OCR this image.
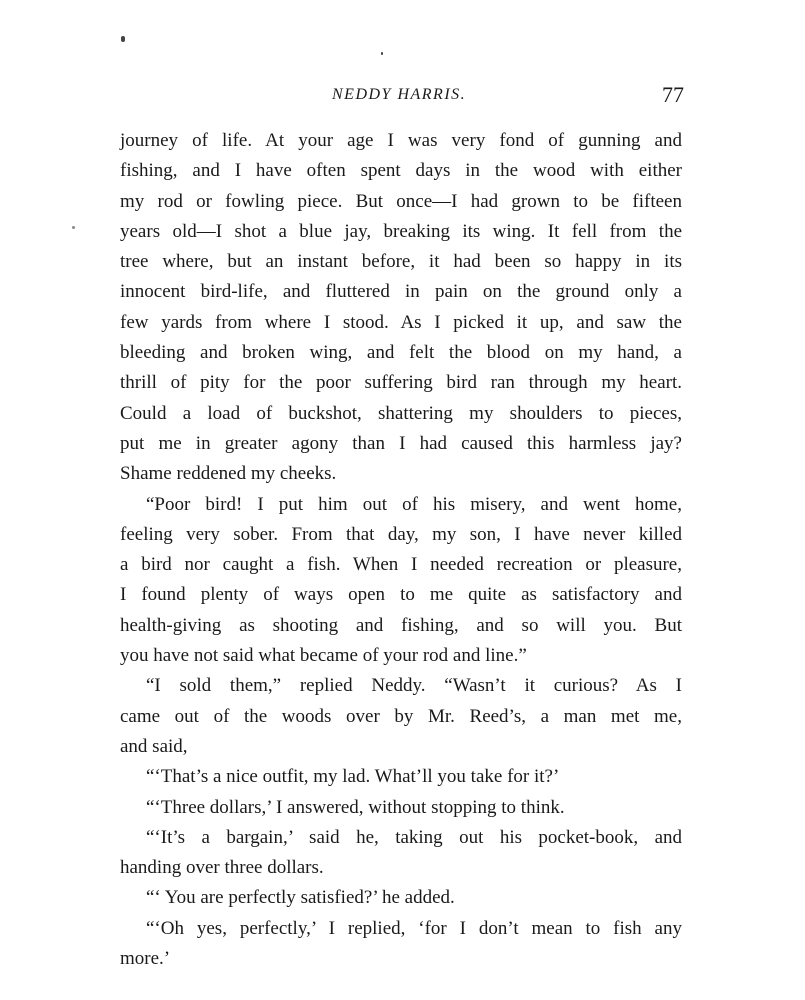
NEDDY HARRIS.	77
journey of life. At your age I was very fond of gunning and
fishing, and I have often spent days in the wood with either
my rod or fowling piece. But once—I had grown to be fifteen
years old—I shot a blue jay, breaking its wing. It fell from the
tree where, but an instant before, it had been so happy in its
innocent bird-life, and fluttered in pain on the ground only a
few yards from where I stood. As I picked it up, and saw the
bleeding and broken wing, and felt the blood on my hand, a
thrill of pity for the poor suffering bird ran through my heart.
Could a load of buckshot, shattering my shoulders to pieces,
put me in greater agony than I had caused this harmless jay?
Shame reddened my cheeks.
“Poor bird! I put him out of his misery, and went home,
feeling very sober. From that day, my son, I have never killed
a bird nor caught a fish. When I needed recreation or pleasure,
I found plenty of ways open to me quite as satisfactory and
health-giving as shooting and fishing, and so will you. But
you have not said what became of your rod and line.”
“I sold them,” replied Neddy. “Wasn’t it curious? As I
came out of the woods over by Mr. Reed’s, a man met me,
and said,
“‘That’s a nice outfit, my lad. What’ll you take for it?’
“‘Three dollars,’ I answered, without stopping to think.
“‘It’s a bargain,’ said he, taking out his pocket-book, and
handing over three dollars.
“‘ You are perfectly satisfied?’ he added.
“‘Oh yes, perfectly,’ I replied, ‘for I don’t mean to fish any
more.’
